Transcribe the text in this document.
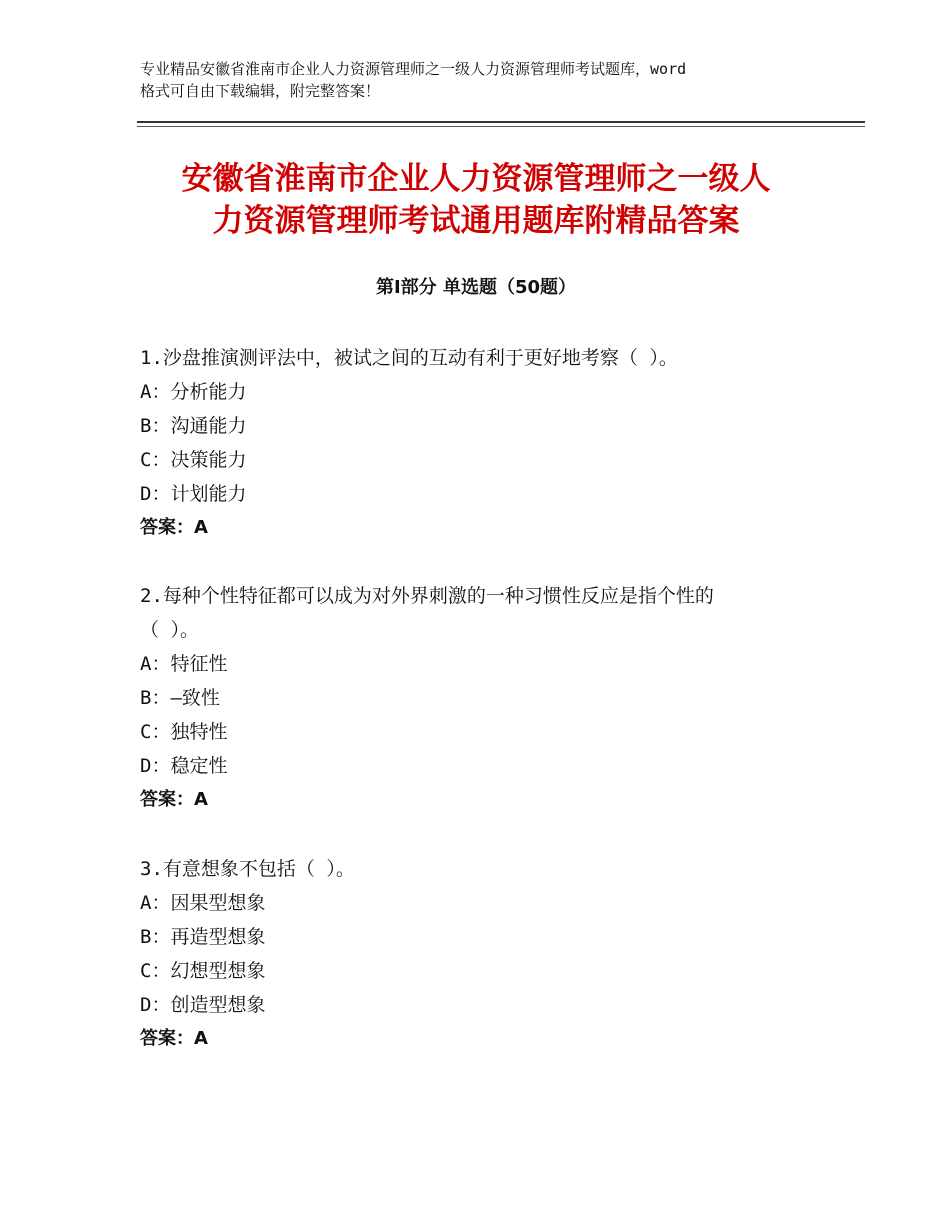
专业精品安徽省淮南市企业人力资源管理师之一级人力资源管理师考试题库，word
格式可自由下载编辑，附完整答案！
安徽省淮南市企业人力资源管理师之一级人
力资源管理师考试通用题库附精品答案
第Ⅰ部分 单选题（50题）

1.沙盘推演测评法中，被试之间的互动有利于更好地考察（ ）。

A：分析能力

B：沟通能力

C：决策能力

D：计划能力

答案：A

2.每种个性特征都可以成为对外界刺激的一种习惯性反应是指个性的

（ ）。

A：特征性

B：—致性

C：独特性

D：稳定性

答案：A

3.有意想象不包括（ ）。

A：因果型想象

B：再造型想象

C：幻想型想象

D：创造型想象

答案：A
